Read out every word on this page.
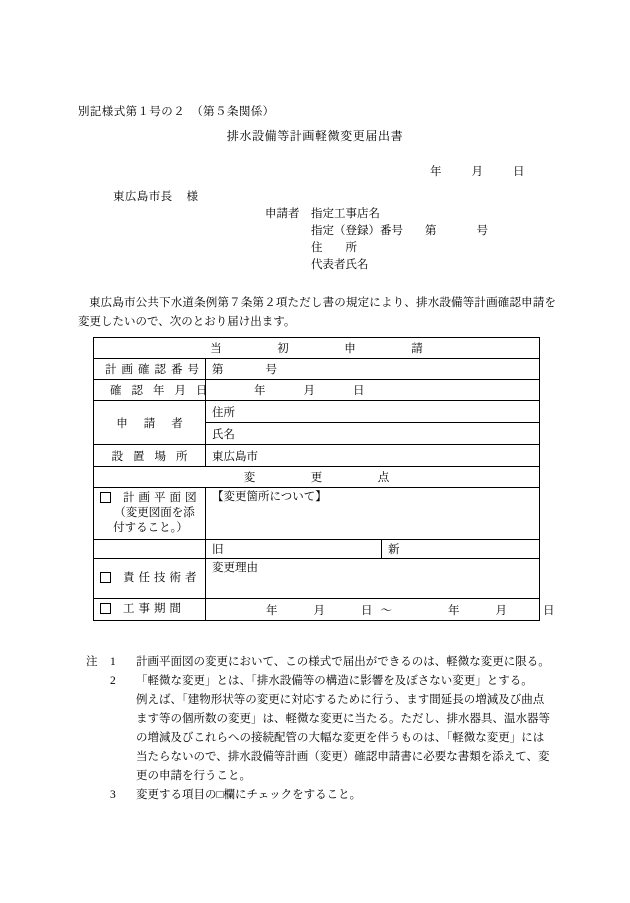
別記様式第１号の２　（第５条関係）
排水設備等計画軽微変更届出書
年	月	日
東広島市長 様
申請者 指定工事店名
指定（登録）番号 第	号
住　　所
代表者氏名
東広島市公共下水道条例第７条第２項ただし書の規定により、排水設備等計画確認申請を変更したいので、次のとおり届け出ます。
当　初　申　請		
計画確認番号	第 号	
確認年月日	年 月 日	
申請者	住所	
	氏名	
設置場所	東広島市	
変　更　点		
計画平面図
（変更図面を添
付すること。）	【変更箇所について】	
	旧	新
責任技術者	変更理由	
工事期間	年 月 日 ～ 年 月 日	
注 1 計画平面図の変更において、この様式で届出ができるのは、軽微な変更に限る。
2 「軽微な変更」とは、「排水設備等の構造に影響を及ぼさない変更」とする。
例えば、「建物形状等の変更に対応するために行う、ます間延長の増減及び曲点
ます等の個所数の変更」は、軽微な変更に当たる。ただし、排水器具、温水器等
の増減及びこれらへの接続配管の大幅な変更を伴うものは、「軽微な変更」には
当たらないので、排水設備等計画（変更）確認申請書に必要な書類を添えて、変
更の申請を行うこと。
3 変更する項目の□欄にチェックをすること。
